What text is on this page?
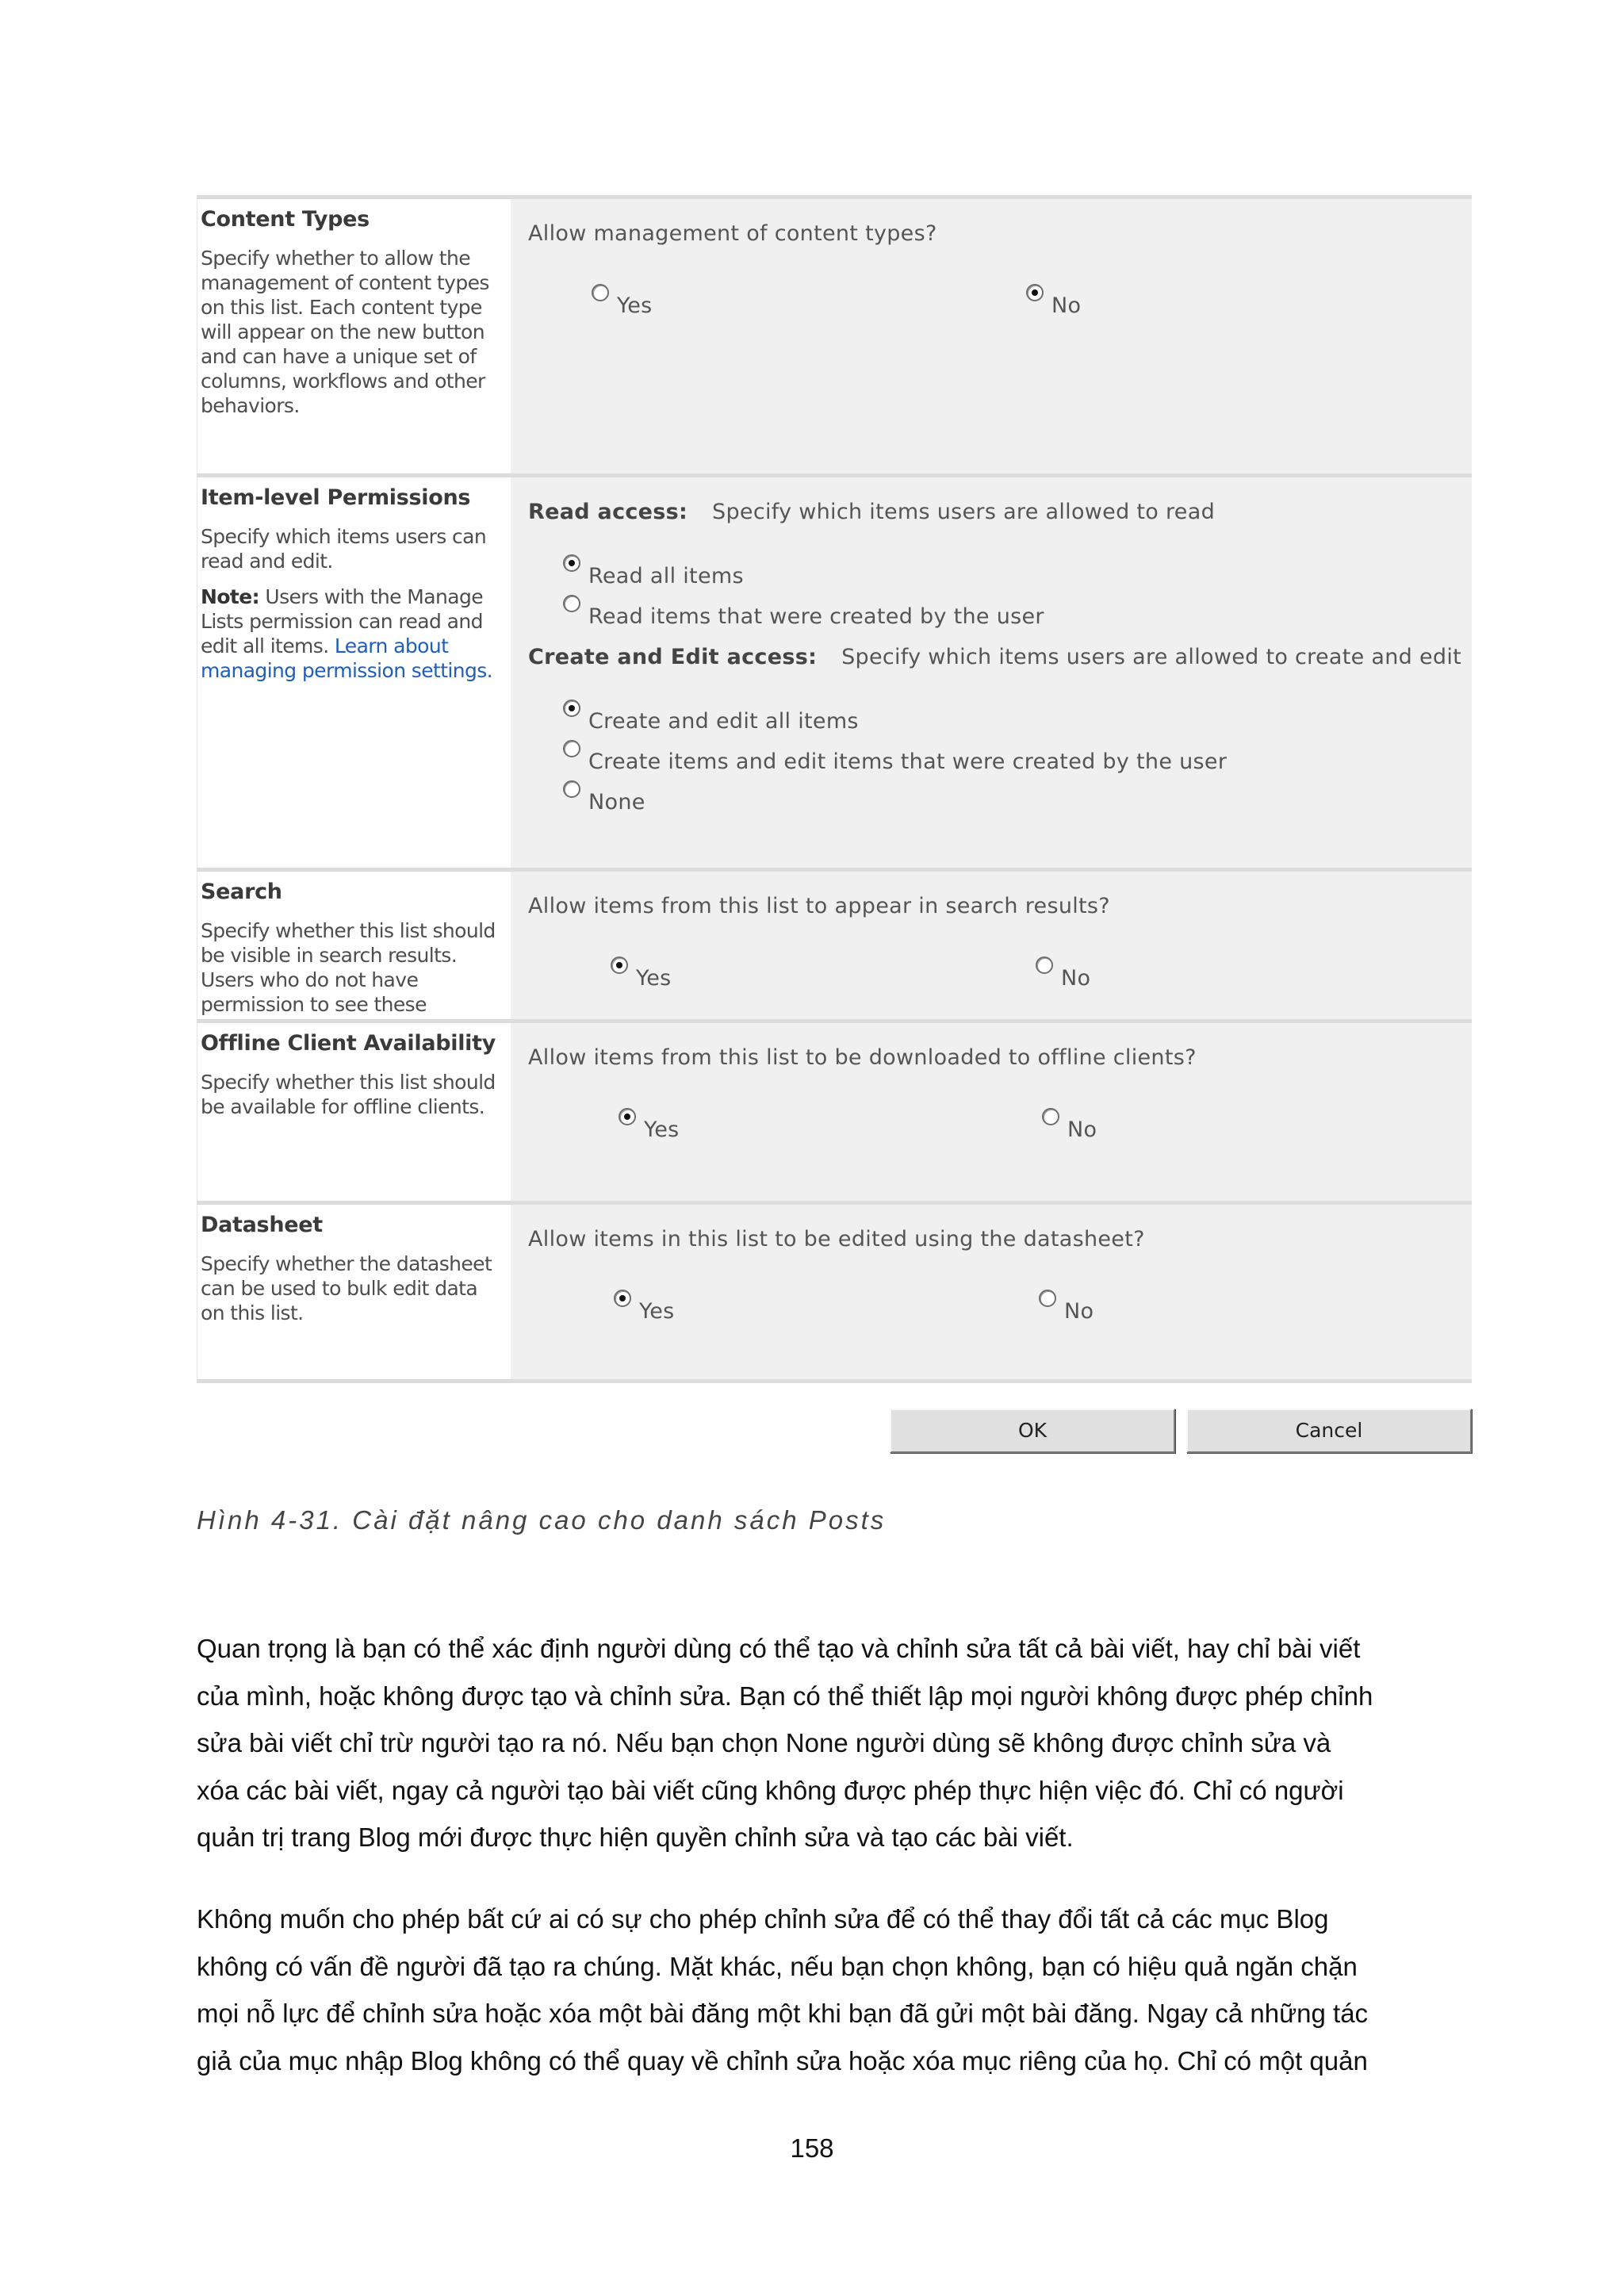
Content Types

Specify whether to allow the management of content types on this list. Each content type will appear on the new button and can have a unique set of columns, workflows and other behaviors.

Allow management of content types?
Yes	No
Item-level Permissions

Specify which items users can read and edit.

Note: Users with the Manage Lists permission can read and edit all items. Learn about managing permission settings.

Read access: Specify which items users are allowed to read
Read all items
Read items that were created by the user
Create and Edit access: Specify which items users are allowed to create and edit
Create and edit all items
Create items and edit items that were created by the user
None
Search

Specify whether this list should be visible in search results. Users who do not have permission to see these

Allow items from this list to appear in search results?
Yes	No
Offline Client Availability

Specify whether this list should be available for offline clients.

Allow items from this list to be downloaded to offline clients?
Yes	No
Datasheet

Specify whether the datasheet can be used to bulk edit data on this list.

Allow items in this list to be edited using the datasheet?
Yes	No
OK	Cancel
Hình 4-31. Cài đặt nâng cao cho danh sách Posts
Quan trọng là bạn có thể xác định người dùng có thể tạo và chỉnh sửa tất cả bài viết, hay chỉ bài viết
của mình, hoặc không được tạo và chỉnh sửa. Bạn có thể thiết lập mọi người không được phép chỉnh
sửa bài viết chỉ trừ người tạo ra nó. Nếu bạn chọn None người dùng sẽ không được chỉnh sửa và
xóa các bài viết, ngay cả người tạo bài viết cũng không được phép thực hiện việc đó. Chỉ có người
quản trị trang Blog mới được thực hiện quyền chỉnh sửa và tạo các bài viết.
Không muốn cho phép bất cứ ai có sự cho phép chỉnh sửa để có thể thay đổi tất cả các mục Blog
không có vấn đề người đã tạo ra chúng. Mặt khác, nếu bạn chọn không, bạn có hiệu quả ngăn chặn
mọi nỗ lực để chỉnh sửa hoặc xóa một bài đăng một khi bạn đã gửi một bài đăng. Ngay cả những tác
giả của mục nhập Blog không có thể quay về chỉnh sửa hoặc xóa mục riêng của họ. Chỉ có một quản
158
